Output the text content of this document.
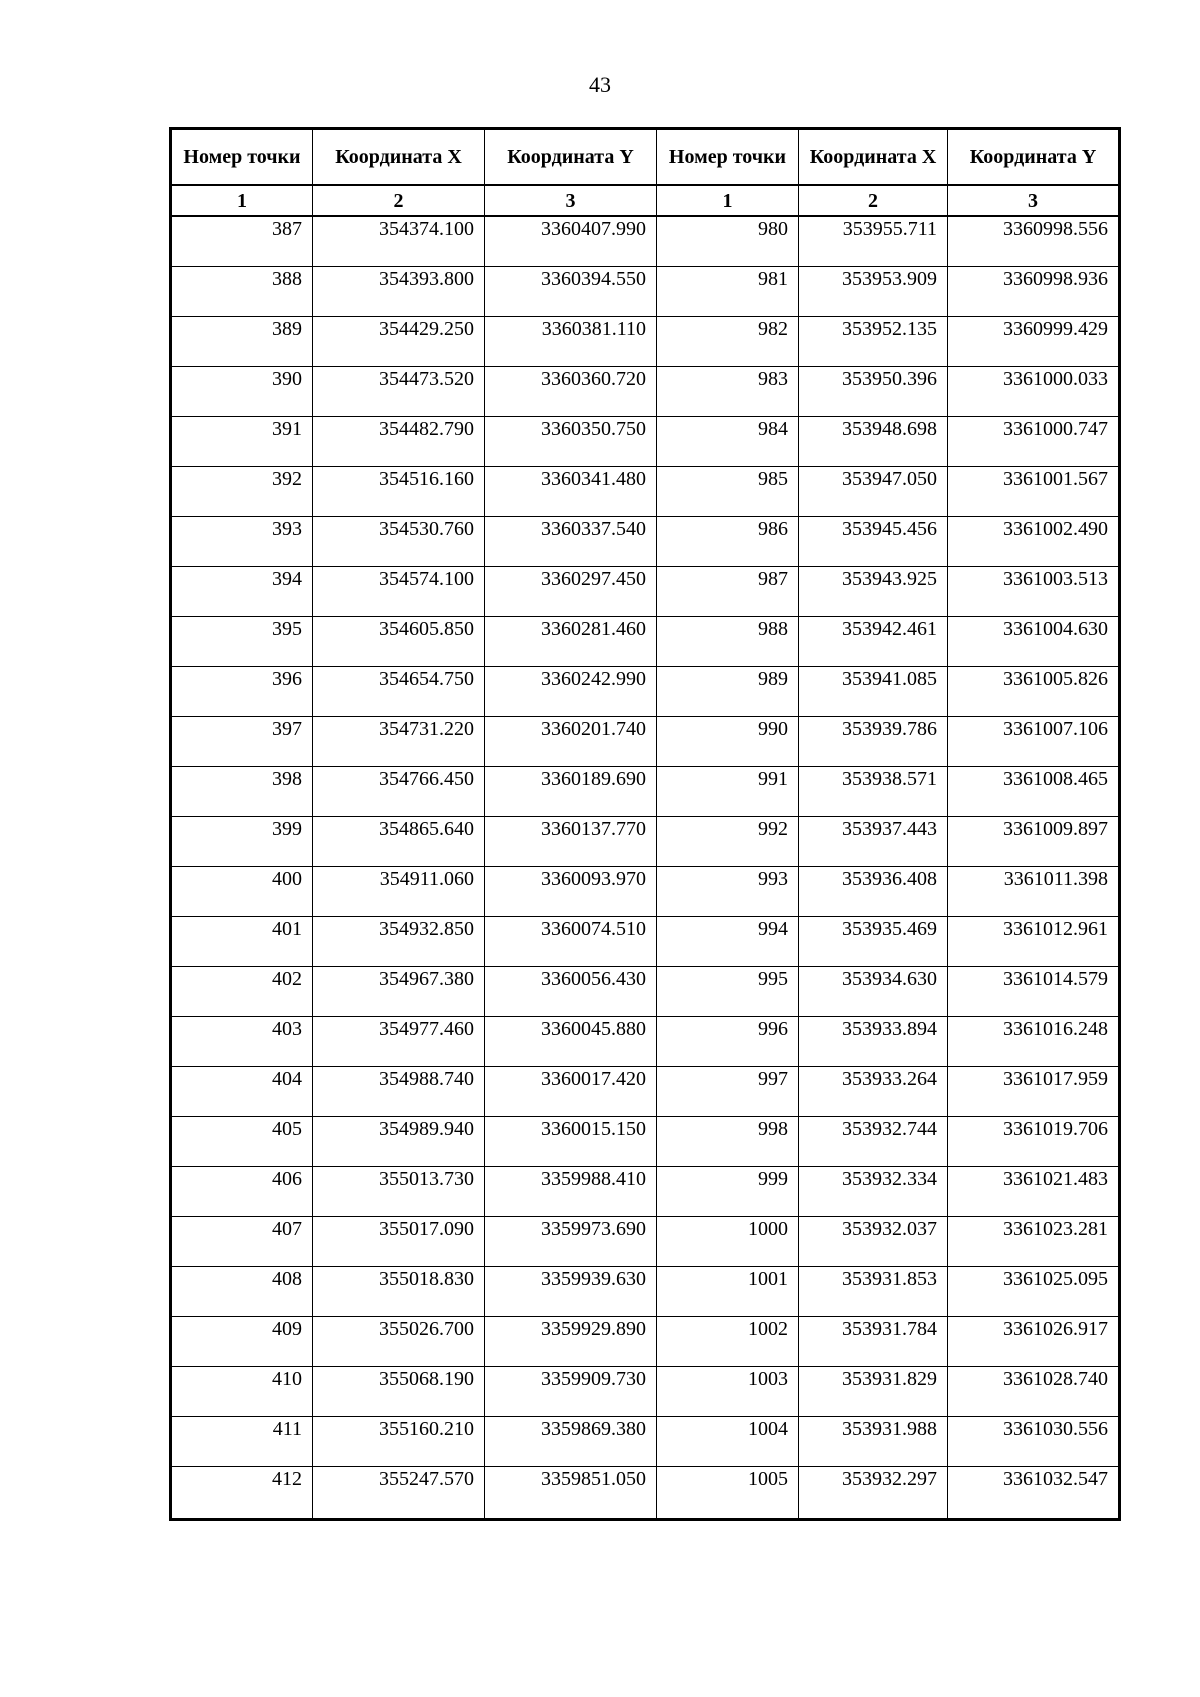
43
Номер точки	Координата X	Координата Y	Номер точки	Координата X	Координата Y
1	2	3	1	2	3
387	354374.100	3360407.990	980	353955.711	3360998.556
388	354393.800	3360394.550	981	353953.909	3360998.936
389	354429.250	3360381.110	982	353952.135	3360999.429
390	354473.520	3360360.720	983	353950.396	3361000.033
391	354482.790	3360350.750	984	353948.698	3361000.747
392	354516.160	3360341.480	985	353947.050	3361001.567
393	354530.760	3360337.540	986	353945.456	3361002.490
394	354574.100	3360297.450	987	353943.925	3361003.513
395	354605.850	3360281.460	988	353942.461	3361004.630
396	354654.750	3360242.990	989	353941.085	3361005.826
397	354731.220	3360201.740	990	353939.786	3361007.106
398	354766.450	3360189.690	991	353938.571	3361008.465
399	354865.640	3360137.770	992	353937.443	3361009.897
400	354911.060	3360093.970	993	353936.408	3361011.398
401	354932.850	3360074.510	994	353935.469	3361012.961
402	354967.380	3360056.430	995	353934.630	3361014.579
403	354977.460	3360045.880	996	353933.894	3361016.248
404	354988.740	3360017.420	997	353933.264	3361017.959
405	354989.940	3360015.150	998	353932.744	3361019.706
406	355013.730	3359988.410	999	353932.334	3361021.483
407	355017.090	3359973.690	1000	353932.037	3361023.281
408	355018.830	3359939.630	1001	353931.853	3361025.095
409	355026.700	3359929.890	1002	353931.784	3361026.917
410	355068.190	3359909.730	1003	353931.829	3361028.740
411	355160.210	3359869.380	1004	353931.988	3361030.556
412	355247.570	3359851.050	1005	353932.297	3361032.547
